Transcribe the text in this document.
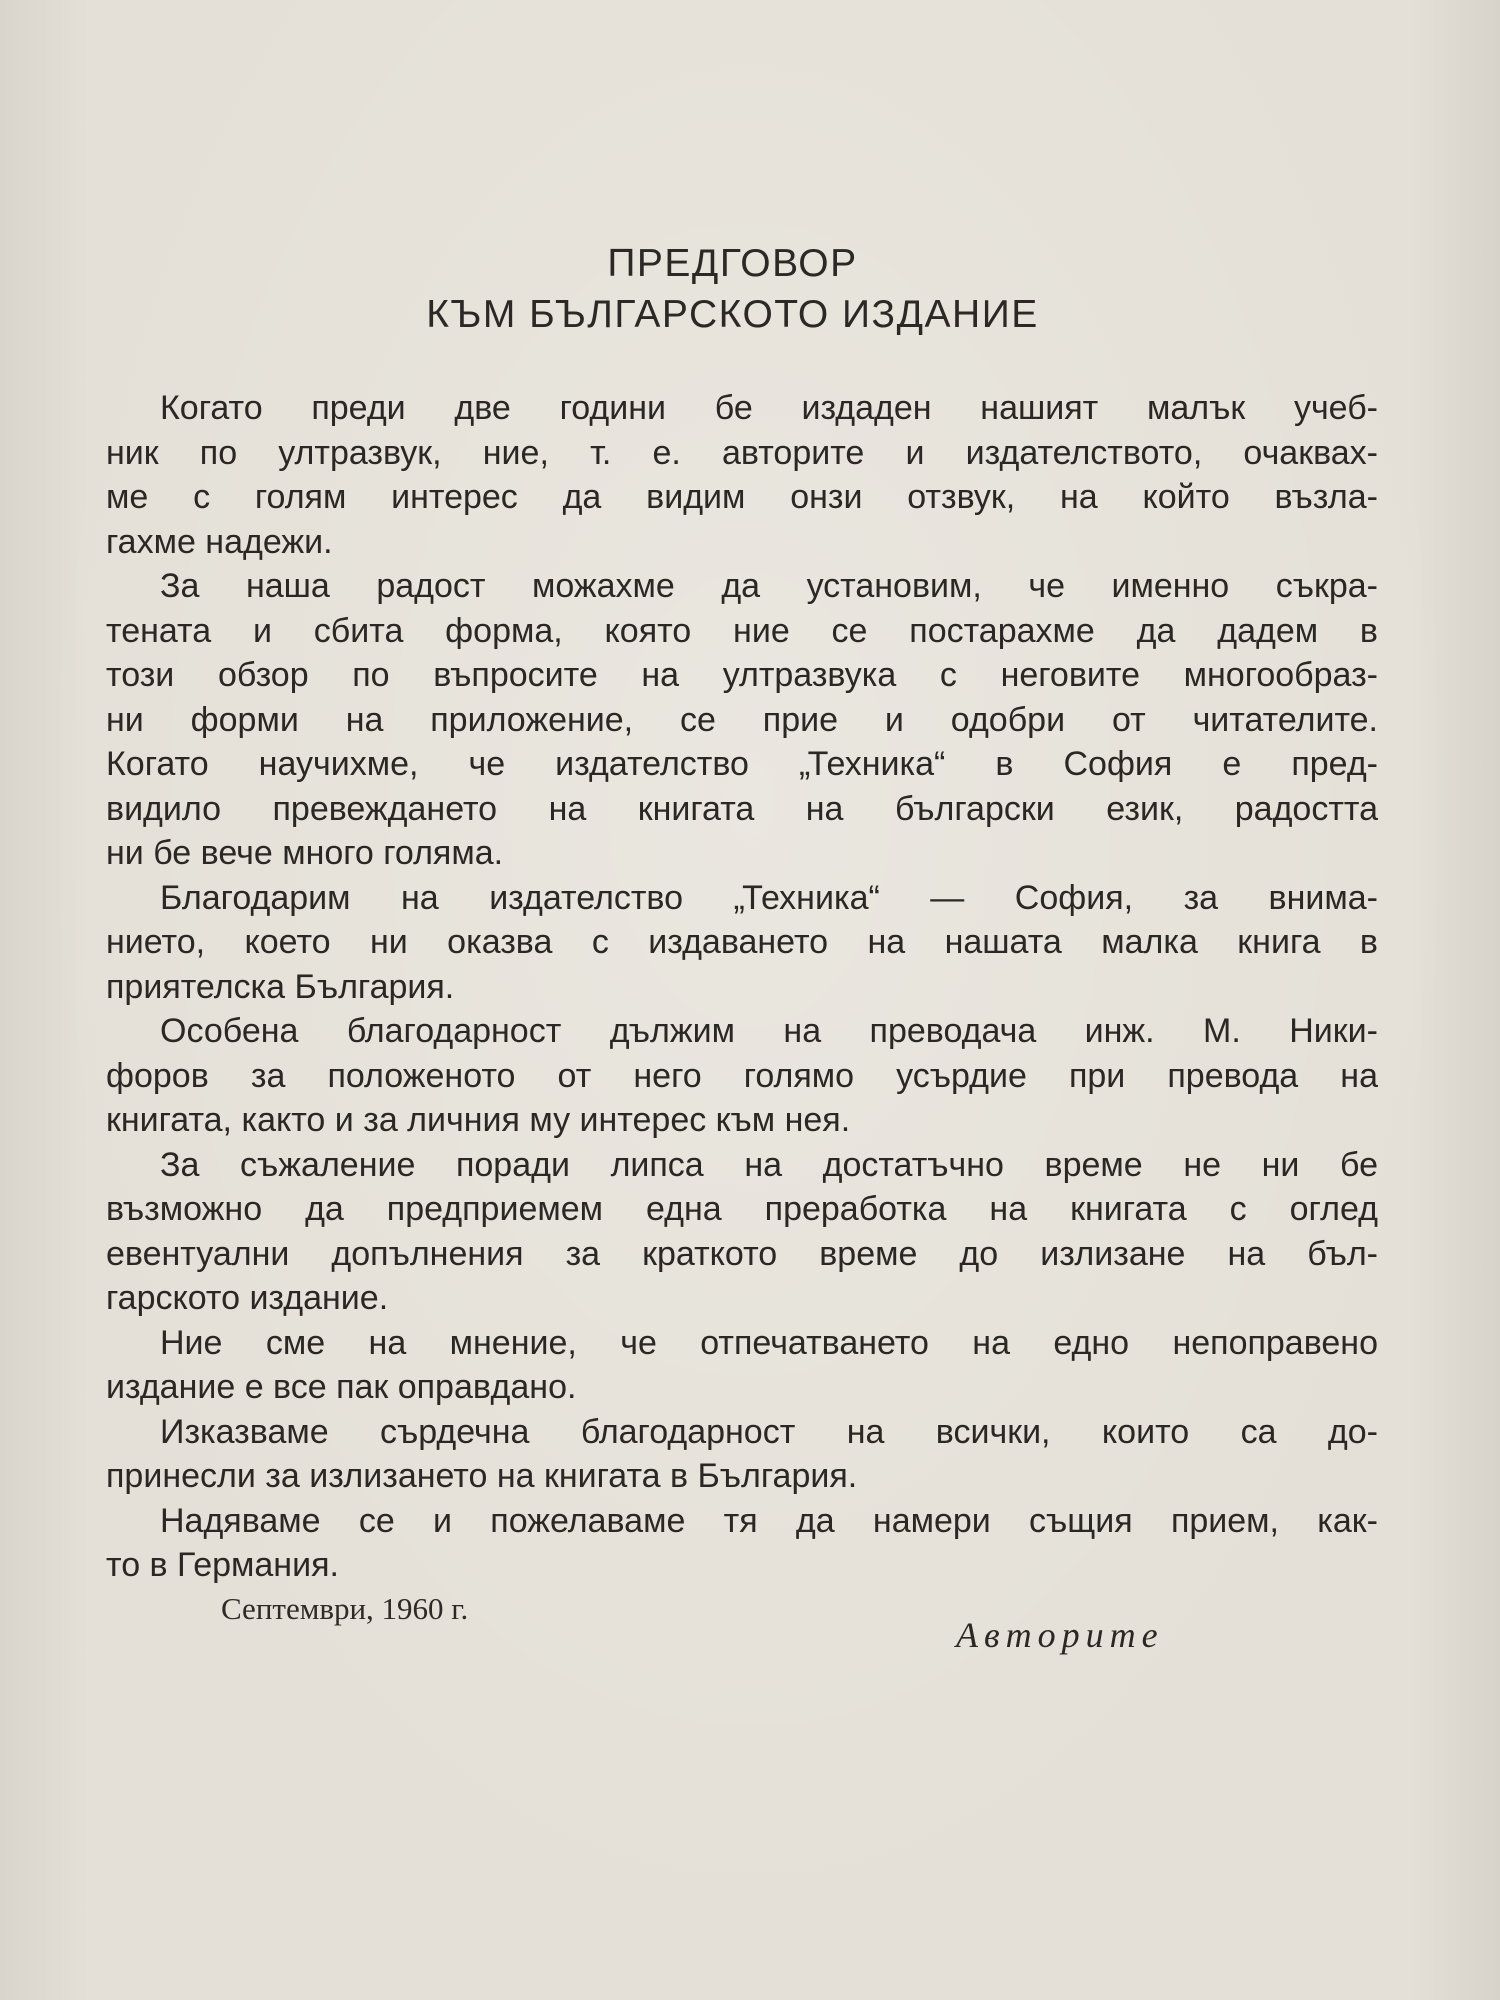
ПРЕДГОВОР
КЪМ БЪЛГАРСКОТО ИЗДАНИЕ
Когато преди две години бе издаден нашият малък учеб-
ник по ултразвук, ние, т. е. авторите и издателството, очаквах-
ме с голям интерес да видим онзи отзвук, на който възла-
гахме надежи.
За наша радост можахме да установим, че именно съкра-
тената и сбита форма, която ние се постарахме да дадем в
този обзор по въпросите на ултразвука с неговите многообраз-
ни форми на приложение, се прие и одобри от читателите.
Когато научихме, че издателство „Техника“ в София е пред-
видило превеждането на книгата на български език, радостта
ни бе вече много голяма.
Благодарим на издателство „Техника“ — София, за внима-
нието, което ни оказва с издаването на нашата малка книга в
приятелска България.
Особена благодарност дължим на преводача инж. М. Ники-
форов за положеното от него голямо усърдие при превода на
книгата, както и за личния му интерес към нея.
За съжаление поради липса на достатъчно време не ни бе
възможно да предприемем една преработка на книгата с оглед
евентуални допълнения за краткото време до излизане на бъл-
гарското издание.
Ние сме на мнение, че отпечатването на едно непоправено
издание е все пак оправдано.
Изказваме сърдечна благодарност на всички, които са до-
принесли за излизането на книгата в България.
Надяваме се и пожелаваме тя да намери същия прием, как-
то в Германия.
Септември, 1960 г.
Авторите
